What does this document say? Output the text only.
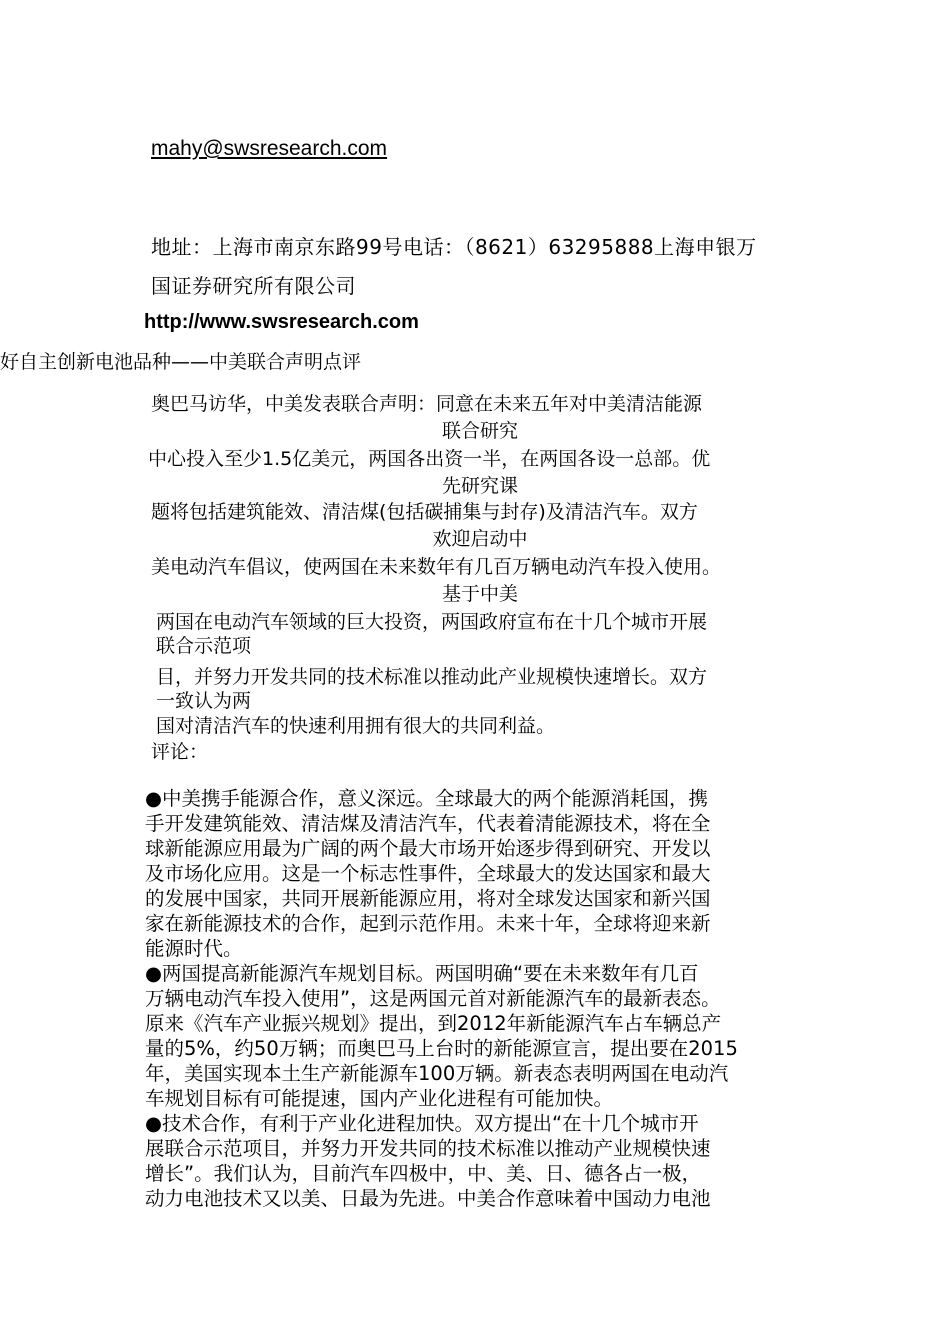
mahy@swsresearch.com
地址：上海市南京东路99号电话：（8621）63295888上海申银万
国证券研究所有限公司
http://www.swsresearch.com
好自主创新电池品种——中美联合声明点评
奥巴马访华，中美发表联合声明：同意在未来五年对中美清洁能源
联合研究
中心投入至少1.5亿美元，两国各出资一半，在两国各设一总部。优
先研究课
题将包括建筑能效、清洁煤(包括碳捕集与封存)及清洁汽车。双方
欢迎启动中
美电动汽车倡议，使两国在未来数年有几百万辆电动汽车投入使用。
基于中美
两国在电动汽车领域的巨大投资，两国政府宣布在十几个城市开展
联合示范项
目，并努力开发共同的技术标准以推动此产业规模快速增长。双方
一致认为两
国对清洁汽车的快速利用拥有很大的共同利益。
评论：
●中美携手能源合作，意义深远。全球最大的两个能源消耗国，携
手开发建筑能效、清洁煤及清洁汽车，代表着清能源技术，将在全
球新能源应用最为广阔的两个最大市场开始逐步得到研究、开发以
及市场化应用。这是一个标志性事件，全球最大的发达国家和最大
的发展中国家，共同开展新能源应用，将对全球发达国家和新兴国
家在新能源技术的合作，起到示范作用。未来十年，全球将迎来新
能源时代。
●两国提高新能源汽车规划目标。两国明确“要在未来数年有几百
万辆电动汽车投入使用”，这是两国元首对新能源汽车的最新表态。
原来《汽车产业振兴规划》提出，到2012年新能源汽车占车辆总产
量的5%，约50万辆；而奥巴马上台时的新能源宣言，提出要在2015
年，美国实现本土生产新能源车100万辆。新表态表明两国在电动汽
车规划目标有可能提速，国内产业化进程有可能加快。
●技术合作，有利于产业化进程加快。双方提出“在十几个城市开
展联合示范项目，并努力开发共同的技术标准以推动产业规模快速
增长”。我们认为，目前汽车四极中，中、美、日、德各占一极，
动力电池技术又以美、日最为先进。中美合作意味着中国动力电池
